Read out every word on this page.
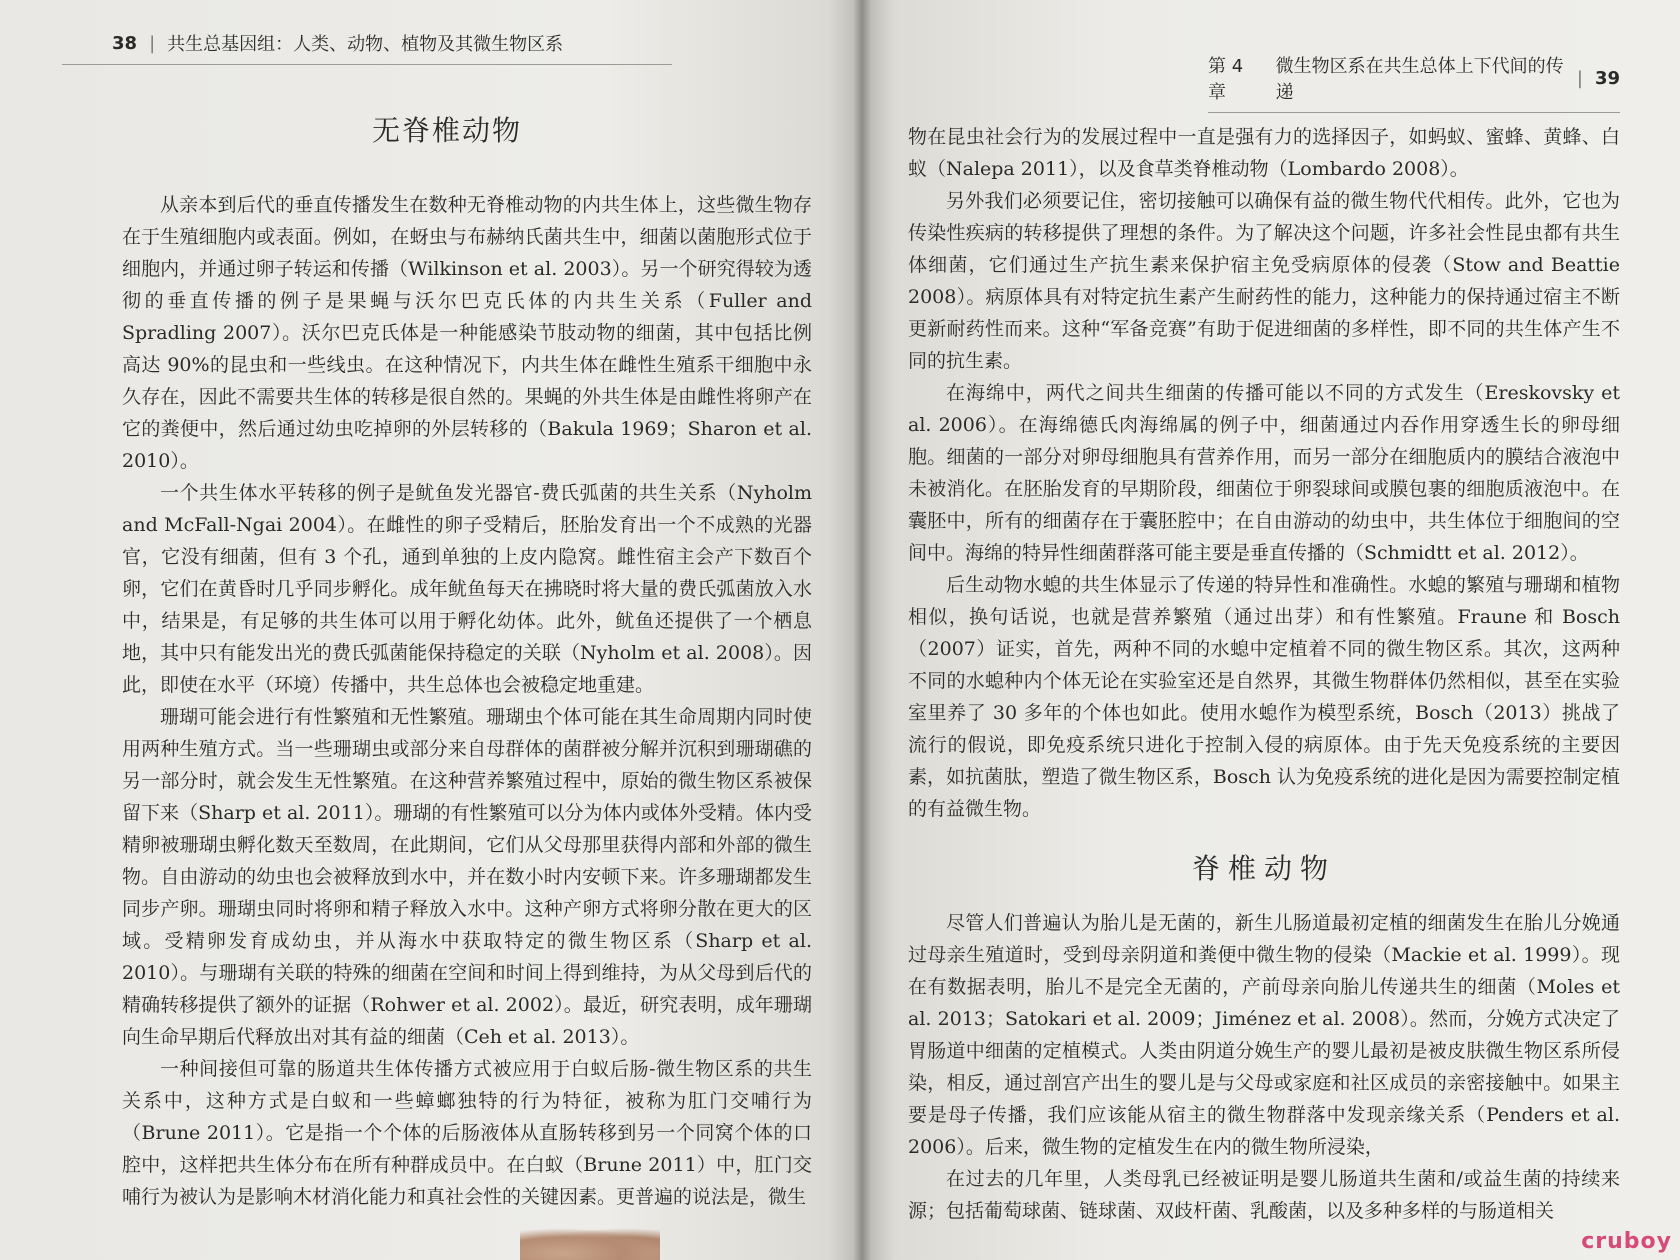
38 | 共生总基因组：人类、动物、植物及其微生物区系
无脊椎动物

从亲本到后代的垂直传播发生在数种无脊椎动物的内共生体上，这些微生物存在于生殖细胞内或表面。例如，在蚜虫与布赫纳氏菌共生中，细菌以菌胞形式位于细胞内，并通过卵子转运和传播（Wilkinson et al. 2003）。另一个研究得较为透彻的垂直传播的例子是果蝇与沃尔巴克氏体的内共生关系（Fuller and Spradling 2007）。沃尔巴克氏体是一种能感染节肢动物的细菌，其中包括比例高达 90%的昆虫和一些线虫。在这种情况下，内共生体在雌性生殖系干细胞中永久存在，因此不需要共生体的转移是很自然的。果蝇的外共生体是由雌性将卵产在它的粪便中，然后通过幼虫吃掉卵的外层转移的（Bakula 1969；Sharon et al. 2010）。

一个共生体水平转移的例子是鱿鱼发光器官-费氏弧菌的共生关系（Nyholm and McFall-Ngai 2004）。在雌性的卵子受精后，胚胎发育出一个不成熟的光器官，它没有细菌，但有 3 个孔，通到单独的上皮内隐窝。雌性宿主会产下数百个卵，它们在黄昏时几乎同步孵化。成年鱿鱼每天在拂晓时将大量的费氏弧菌放入水中，结果是，有足够的共生体可以用于孵化幼体。此外，鱿鱼还提供了一个栖息地，其中只有能发出光的费氏弧菌能保持稳定的关联（Nyholm et al. 2008）。因此，即使在水平（环境）传播中，共生总体也会被稳定地重建。

珊瑚可能会进行有性繁殖和无性繁殖。珊瑚虫个体可能在其生命周期内同时使用两种生殖方式。当一些珊瑚虫或部分来自母群体的菌群被分解并沉积到珊瑚礁的另一部分时，就会发生无性繁殖。在这种营养繁殖过程中，原始的微生物区系被保留下来（Sharp et al. 2011）。珊瑚的有性繁殖可以分为体内或体外受精。体内受精卵被珊瑚虫孵化数天至数周，在此期间，它们从父母那里获得内部和外部的微生物。自由游动的幼虫也会被释放到水中，并在数小时内安顿下来。许多珊瑚都发生同步产卵。珊瑚虫同时将卵和精子释放入水中。这种产卵方式将卵分散在更大的区域。受精卵发育成幼虫，并从海水中获取特定的微生物区系（Sharp et al. 2010）。与珊瑚有关联的特殊的细菌在空间和时间上得到维持，为从父母到后代的精确转移提供了额外的证据（Rohwer et al. 2002）。最近，研究表明，成年珊瑚向生命早期后代释放出对其有益的细菌（Ceh et al. 2013）。

一种间接但可靠的肠道共生体传播方式被应用于白蚁后肠-微生物区系的共生关系中，这种方式是白蚁和一些蟑螂独特的行为特征，被称为肛门交哺行为（Brune 2011）。它是指一个个体的后肠液体从直肠转移到另一个同窝个体的口腔中，这样把共生体分布在所有种群成员中。在白蚁（Brune 2011）中，肛门交哺行为被认为是影响木材消化能力和真社会性的关键因素。更普遍的说法是，微生

第 4 章
微生物区系在共生总体上下代间的传递
| 39

物在昆虫社会行为的发展过程中一直是强有力的选择因子，如蚂蚁、蜜蜂、黄蜂、白蚁（Nalepa 2011），以及食草类脊椎动物（Lombardo 2008）。

另外我们必须要记住，密切接触可以确保有益的微生物代代相传。此外，它也为传染性疾病的转移提供了理想的条件。为了解决这个问题，许多社会性昆虫都有共生体细菌，它们通过生产抗生素来保护宿主免受病原体的侵袭（Stow and Beattie 2008）。病原体具有对特定抗生素产生耐药性的能力，这种能力的保持通过宿主不断更新耐药性而来。这种“军备竞赛”有助于促进细菌的多样性，即不同的共生体产生不同的抗生素。

在海绵中，两代之间共生细菌的传播可能以不同的方式发生（Ereskovsky et al. 2006）。在海绵德氏肉海绵属的例子中，细菌通过内吞作用穿透生长的卵母细胞。细菌的一部分对卵母细胞具有营养作用，而另一部分在细胞质内的膜结合液泡中未被消化。在胚胎发育的早期阶段，细菌位于卵裂球间或膜包裹的细胞质液泡中。在囊胚中，所有的细菌存在于囊胚腔中；在自由游动的幼虫中，共生体位于细胞间的空间中。海绵的特异性细菌群落可能主要是垂直传播的（Schmidtt et al. 2012）。

后生动物水螅的共生体显示了传递的特异性和准确性。水螅的繁殖与珊瑚和植物相似，换句话说，也就是营养繁殖（通过出芽）和有性繁殖。Fraune 和 Bosch（2007）证实，首先，两种不同的水螅中定植着不同的微生物区系。其次，这两种不同的水螅种内个体无论在实验室还是自然界，其微生物群体仍然相似，甚至在实验室里养了 30 多年的个体也如此。使用水螅作为模型系统，Bosch（2013）挑战了流行的假说，即免疫系统只进化于控制入侵的病原体。由于先天免疫系统的主要因素，如抗菌肽，塑造了微生物区系，Bosch 认为免疫系统的进化是因为需要控制定植的有益微生物。

脊椎动物

尽管人们普遍认为胎儿是无菌的，新生儿肠道最初定植的细菌发生在胎儿分娩通过母亲生殖道时，受到母亲阴道和粪便中微生物的侵染（Mackie et al. 1999）。现在有数据表明，胎儿不是完全无菌的，产前母亲向胎儿传递共生的细菌（Moles et al. 2013；Satokari et al. 2009；Jiménez et al. 2008）。然而，分娩方式决定了胃肠道中细菌的定植模式。人类由阴道分娩生产的婴儿最初是被皮肤微生物区系所侵染，相反，通过剖宫产出生的婴儿是与父母或家庭和社区成员的亲密接触中。如果主要是母子传播，我们应该能从宿主的微生物群落中发现亲缘关系（Penders et al. 2006）。后来，微生物的定植发生在内的微生物所浸染，

在过去的几年里，人类母乳已经被证明是婴儿肠道共生菌和/或益生菌的持续来源；包括葡萄球菌、链球菌、双歧杆菌、乳酸菌，以及多种多样的与肠道相关

cruboy
